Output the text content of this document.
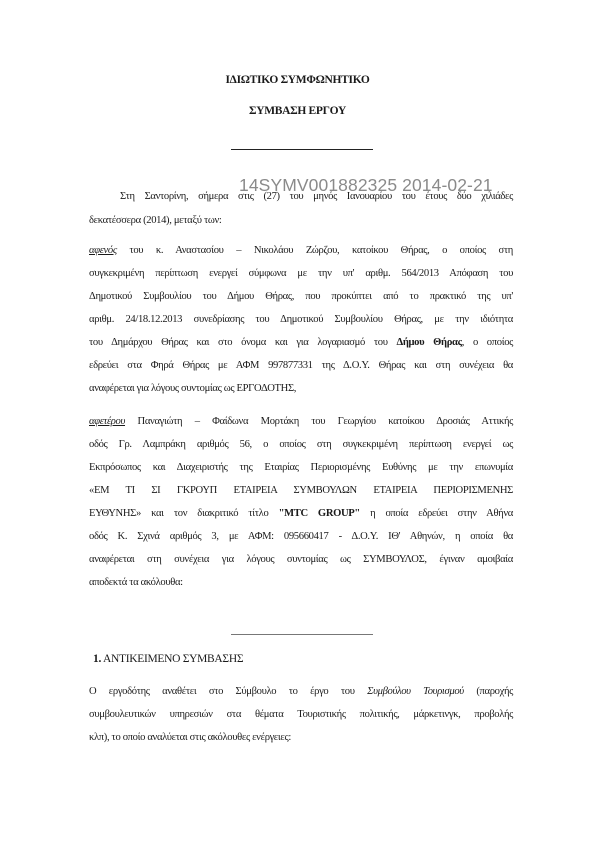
ΙΔΙΩΤΙΚΟ ΣΥΜΦΩΝΗΤΙΚΟ
ΣΥΜΒΑΣΗ ΕΡΓΟΥ
14SYMV001882325 2014-02-21
Στη Σαντορίνη, σήμερα στις (27) του μηνός Ιανουαρίου του έτους δύο χιλιάδες
δεκατέσσερα (2014), μεταξύ των:
αφενός του κ. Αναστασίου – Νικολάου Ζώρζου, κατοίκου Θήρας, ο οποίος στη
συγκεκριμένη περίπτωση ενεργεί σύμφωνα με την υπ' αριθμ. 564/2013 Απόφαση του
Δημοτικού Συμβουλίου του Δήμου Θήρας, που προκύπτει από το πρακτικό της υπ'
αριθμ. 24/18.12.2013 συνεδρίασης του Δημοτικού Συμβουλίου Θήρας, με την ιδιότητα
του Δημάρχου Θήρας και στο όνομα και για λογαριασμό του Δήμου Θήρας, ο οποίος
εδρεύει στα Φηρά Θήρας με ΑΦΜ 997877331 της Δ.Ο.Υ. Θήρας και στη συνέχεια θα
αναφέρεται για λόγους συντομίας ως ΕΡΓΟΔΟΤΗΣ,
αφετέρου Παναγιώτη – Φαίδωνα Μορτάκη του Γεωργίου κατοίκου Δροσιάς Αττικής
οδός Γρ. Λαμπράκη αριθμός 56, ο οποίος στη συγκεκριμένη περίπτωση ενεργεί ως
Εκπρόσωπος και Διαχειριστής της Εταιρίας Περιορισμένης Ευθύνης με την επωνυμία
«ΕΜ ΤΙ ΣΙ ΓΚΡΟΥΠ ΕΤΑΙΡΕΙΑ ΣΥΜΒΟΥΛΩΝ ΕΤΑΙΡΕΙΑ ΠΕΡΙΟΡΙΣΜΕΝΗΣ
ΕΥΘΥΝΗΣ» και τον διακριτικό τίτλο "MTC GROUP" η οποία εδρεύει στην Αθήνα
οδός Κ. Σχινά αριθμός 3, με ΑΦΜ: 095660417 - Δ.Ο.Υ. ΙΘ' Αθηνών, η οποία θα
αναφέρεται στη συνέχεια για λόγους συντομίας ως ΣΥΜΒΟΥΛΟΣ, έγιναν αμοιβαία
αποδεκτά τα ακόλουθα:
1. ΑΝΤΙΚΕΙΜΕΝΟ ΣΥΜΒΑΣΗΣ
Ο εργοδότης αναθέτει στο Σύμβουλο το έργο του Συμβούλου Τουρισμού (παροχής
συμβουλευτικών υπηρεσιών στα θέματα Τουριστικής πολιτικής, μάρκετινγκ, προβολής
κλπ), το οποίο αναλύεται στις ακόλουθες ενέργειες:
